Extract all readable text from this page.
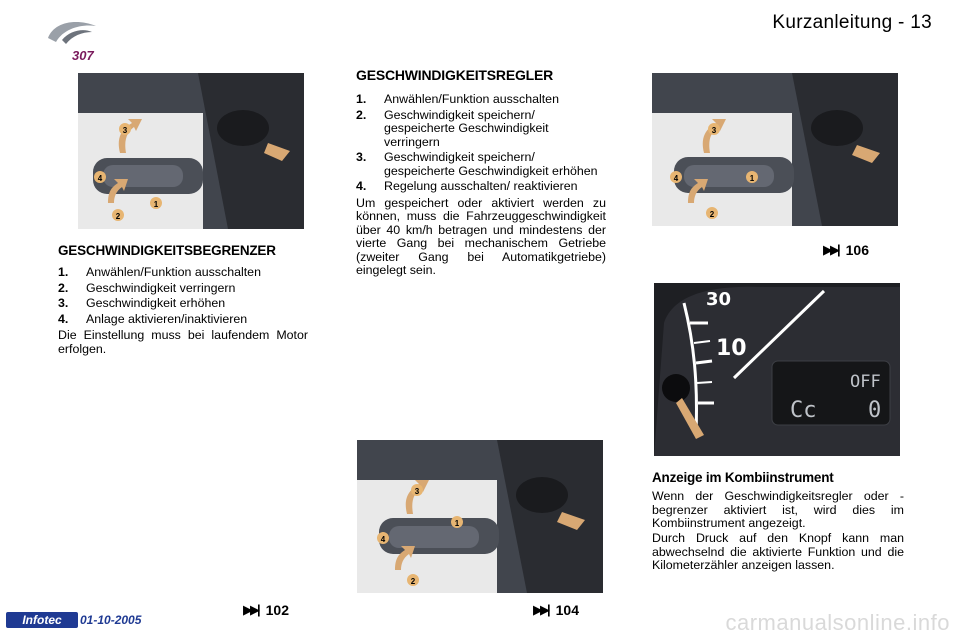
307
Kurzanleitung - 13
3
4
1
2
GESCHWINDIGKEITSBEGRENZER
1.	Anwählen/Funktion ausschalten
2.	Geschwindigkeit verringern
3.	Geschwindigkeit erhöhen
4.	Anlage aktivieren/inaktivieren
Die Einstellung muss bei laufendem Motor erfolgen.
GESCHWINDIGKEITSREGLER
1.	Anwählen/Funktion ausschalten
2.	Geschwindigkeit speichern/ gespeicherte Geschwindigkeit verringern
3.	Geschwindigkeit speichern/ gespeicherte Geschwindigkeit erhöhen
4.	Regelung ausschalten/ reaktivieren
Um gespeichert oder aktiviert werden zu können, muss die Fahrzeuggeschwindigkeit über 40 km/h betragen und mindestens der vierte Gang bei mechanischem Getriebe (zweiter Gang bei Automatikgetriebe) eingelegt sein.
3
4
1
2
3
4	1
2
▶▶| 106
30
10
OFF
Cc 0
Anzeige im Kombiinstrument
Wenn der Geschwindigkeitsregler oder -begrenzer aktiviert ist, wird dies im Kombiinstrument angezeigt.
Durch Druck auf den Knopf kann man abwechselnd die aktivierte Funktion und die Kilometerzähler anzeigen lassen.
▶▶| 102	▶▶| 104
Infotec	01-10-2005	carmanualsonline.info
